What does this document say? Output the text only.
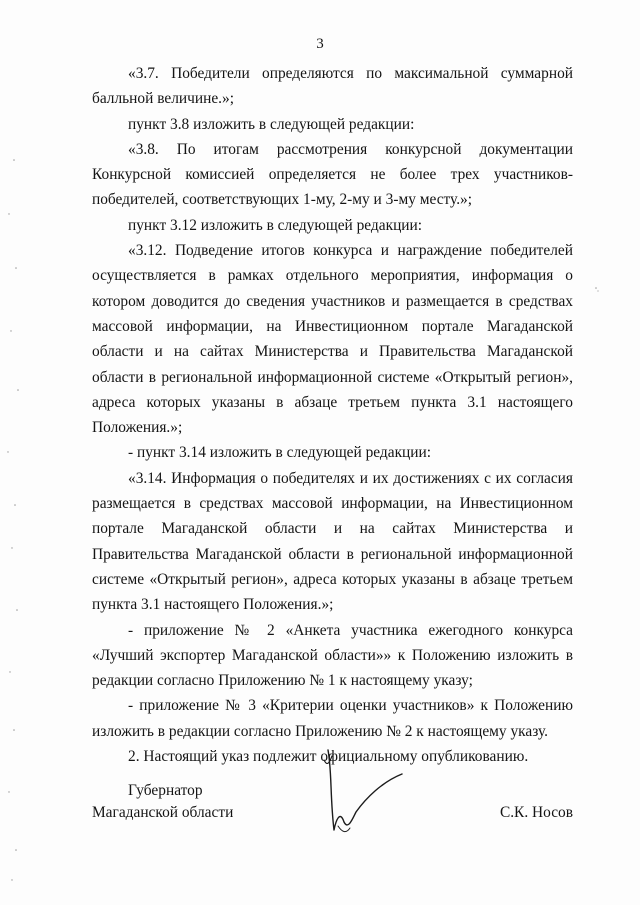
3

«3.7. Победители определяются по максимальной суммарной балльной величине.»;

пункт 3.8 изложить в следующей редакции:

«3.8. По итогам рассмотрения конкурсной документации Конкурсной комиссией определяется не более трех участников-победителей, соответствующих 1-му, 2-му и 3-му месту.»;

пункт 3.12 изложить в следующей редакции:

«3.12. Подведение итогов конкурса и награждение победителей осуществляется в рамках отдельного мероприятия, информация о котором доводится до сведения участников и размещается в средствах массовой информации, на Инвестиционном портале Магаданской области и на сайтах Министерства и Правительства Магаданской области в региональной информационной системе «Открытый регион», адреса которых указаны в абзаце третьем пункта 3.1 настоящего Положения.»;

- пункт 3.14 изложить в следующей редакции:

«3.14. Информация о победителях и их достижениях с их согласия размещается в средствах массовой информации, на Инвестиционном портале Магаданской области и на сайтах Министерства и Правительства Магаданской области в региональной информационной системе «Открытый регион», адреса которых указаны в абзаце третьем пункта 3.1 настоящего Положения.»;

- приложение № 2 «Анкета участника ежегодного конкурса «Лучший экспортер Магаданской области»» к Положению изложить в редакции согласно Приложению № 1 к настоящему указу;

- приложение № 3 «Критерии оценки участников» к Положению изложить в редакции согласно Приложению № 2 к настоящему указу.

2. Настоящий указ подлежит официальному опубликованию.

Губернатор
Магаданской области	С.К. Носов
